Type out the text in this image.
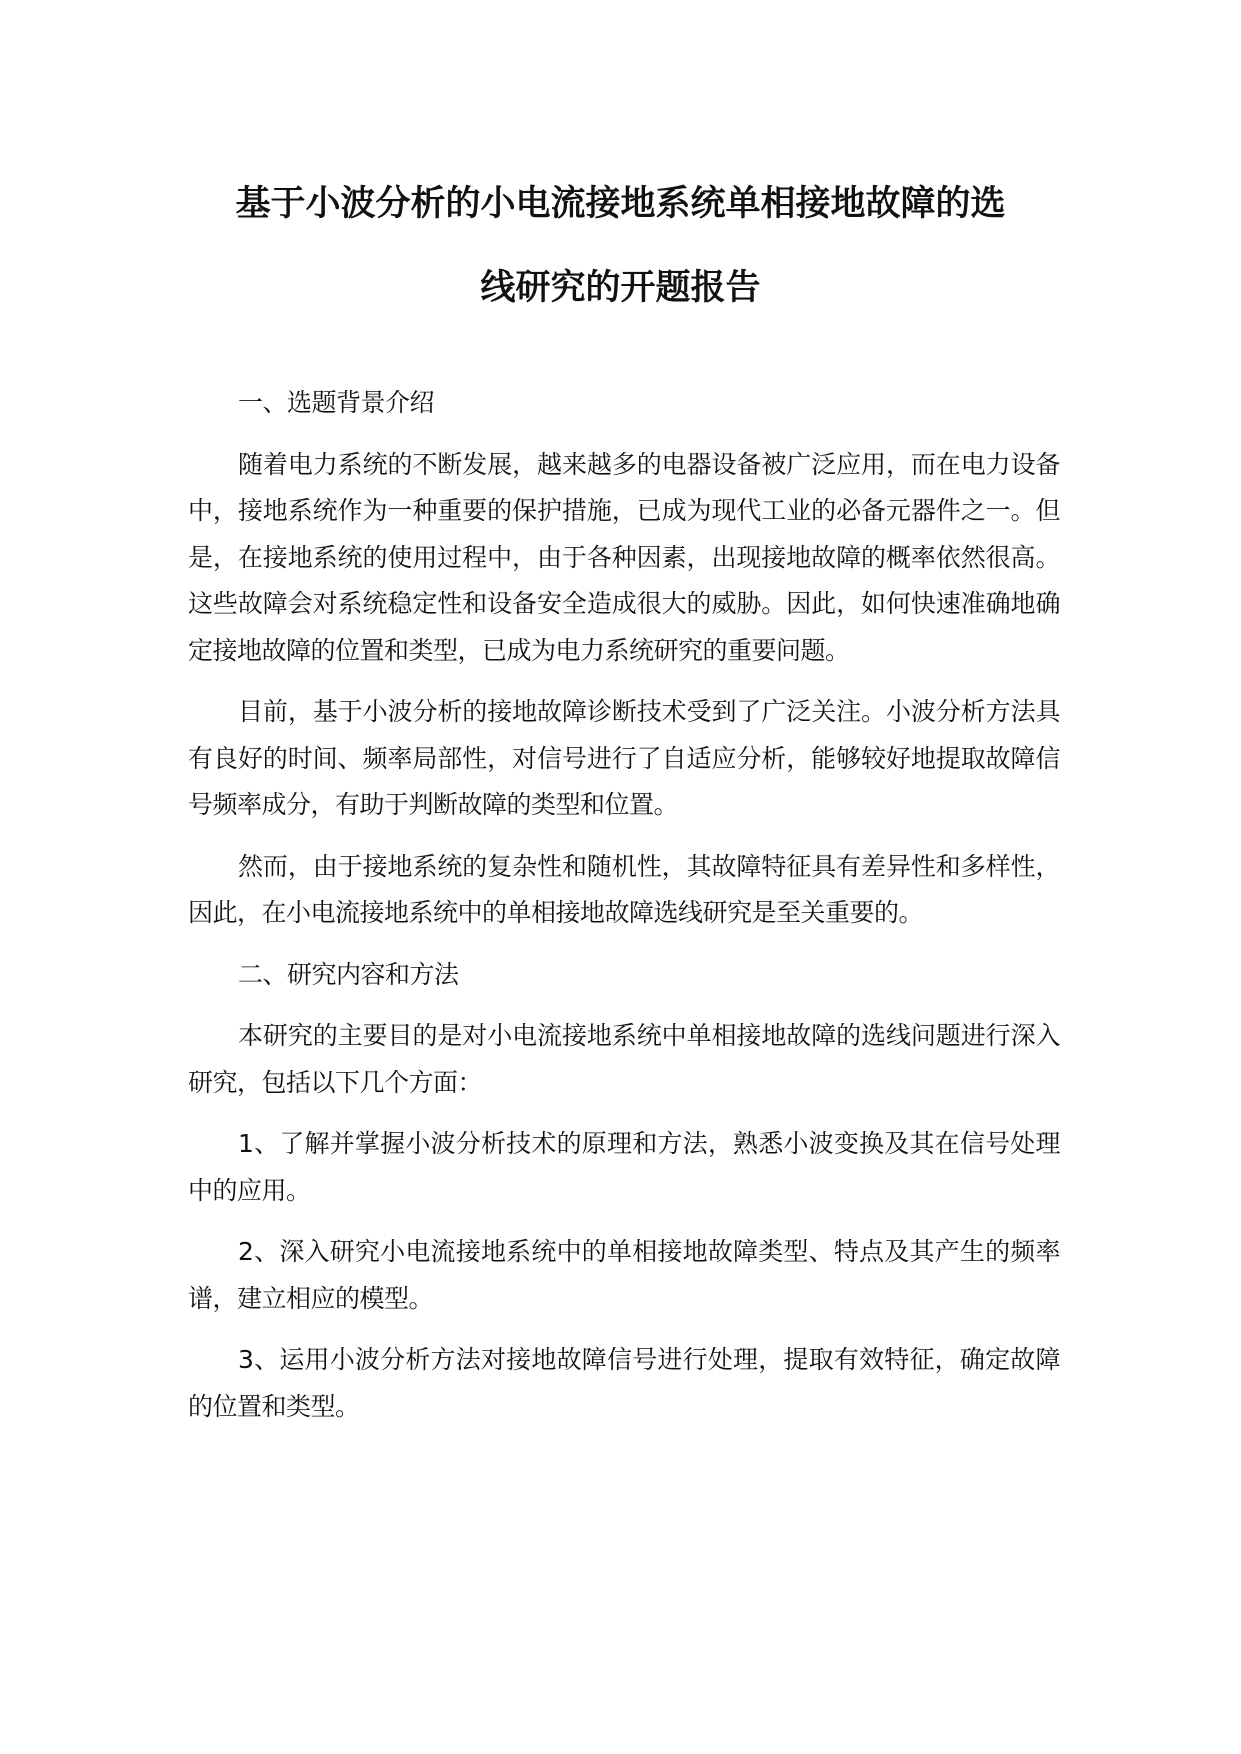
基于小波分析的小电流接地系统单相接地故障的选
线研究的开题报告

一、选题背景介绍

随着电力系统的不断发展，越来越多的电器设备被广泛应用，而在电力设备中，接地系统作为一种重要的保护措施，已成为现代工业的必备元器件之一。但是，在接地系统的使用过程中，由于各种因素，出现接地故障的概率依然很高。这些故障会对系统稳定性和设备安全造成很大的威胁。因此，如何快速准确地确定接地故障的位置和类型，已成为电力系统研究的重要问题。

目前，基于小波分析的接地故障诊断技术受到了广泛关注。小波分析方法具有良好的时间、频率局部性，对信号进行了自适应分析，能够较好地提取故障信号频率成分，有助于判断故障的类型和位置。

然而，由于接地系统的复杂性和随机性，其故障特征具有差异性和多样性，因此，在小电流接地系统中的单相接地故障选线研究是至关重要的。

二、研究内容和方法

本研究的主要目的是对小电流接地系统中单相接地故障的选线问题进行深入研究，包括以下几个方面：

1、了解并掌握小波分析技术的原理和方法，熟悉小波变换及其在信号处理中的应用。

2、深入研究小电流接地系统中的单相接地故障类型、特点及其产生的频率谱，建立相应的模型。

3、运用小波分析方法对接地故障信号进行处理，提取有效特征，确定故障的位置和类型。
